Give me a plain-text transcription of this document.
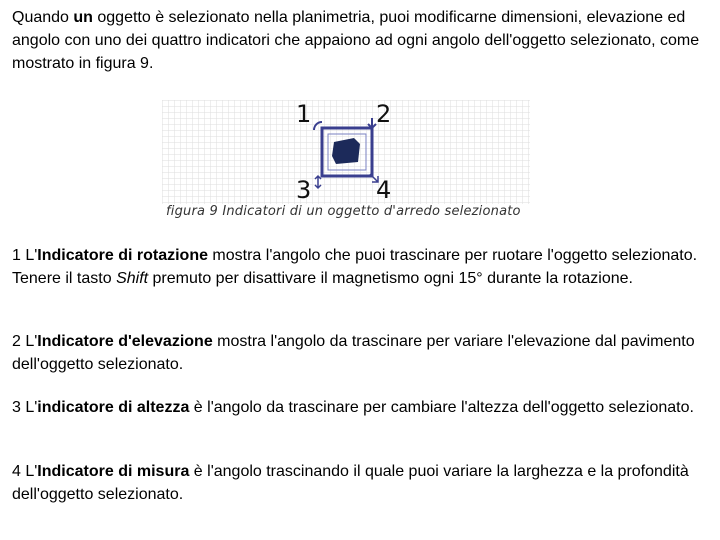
Quando un oggetto è selezionato nella planimetria, puoi modificarne dimensioni, elevazione ed angolo con uno dei quattro indicatori che appaiono ad ogni angolo dell'oggetto selezionato, come mostrato in figura 9.

1	2
3	4
figura 9 Indicatori di un oggetto d'arredo selezionato

1 L'Indicatore di rotazione mostra l'angolo che puoi trascinare per ruotare l'oggetto selezionato. Tenere il tasto Shift premuto per disattivare il magnetismo ogni 15° durante la rotazione.

2 L'Indicatore d'elevazione mostra l'angolo da trascinare per variare l'elevazione dal pavimento dell'oggetto selezionato.

3 L'indicatore di altezza è l'angolo da trascinare per cambiare l'altezza dell'oggetto selezionato.

4 L'Indicatore di misura è l'angolo trascinando il quale puoi variare la larghezza e la profondità dell'oggetto selezionato.
